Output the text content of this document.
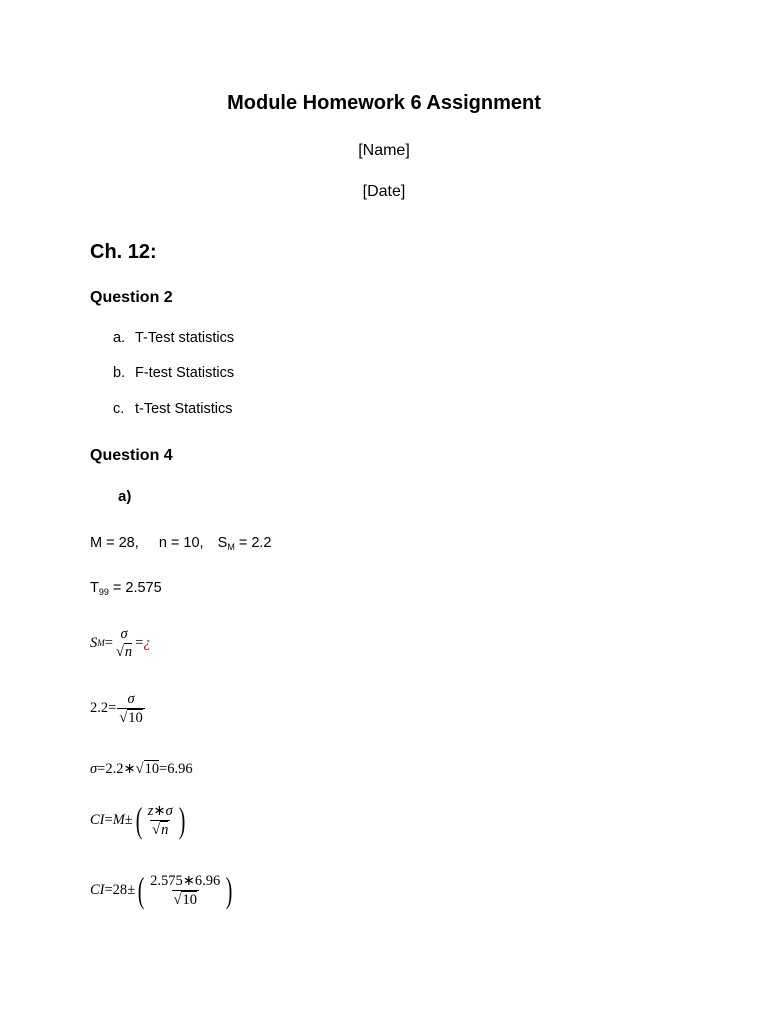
Module Homework 6 Assignment
[Name]
[Date]
Ch. 12:
Question 2
a. T-Test statistics
b. F-test Statistics
c. t-Test Statistics
Question 4
a)
M = 28, n = 10, $S_M = 2.2$
$T_{99} = 2.575$
S M =
σ
√n
= ¿
$2.2= \frac{\sigma}{√10}$
σ =2.2∗ √ 10 =6.96
CI = M ± ( $\frac{z∗\sigma}{√n}$
)
CI =28 ± ( $\frac{2.575∗6.96}{√10}$
)
